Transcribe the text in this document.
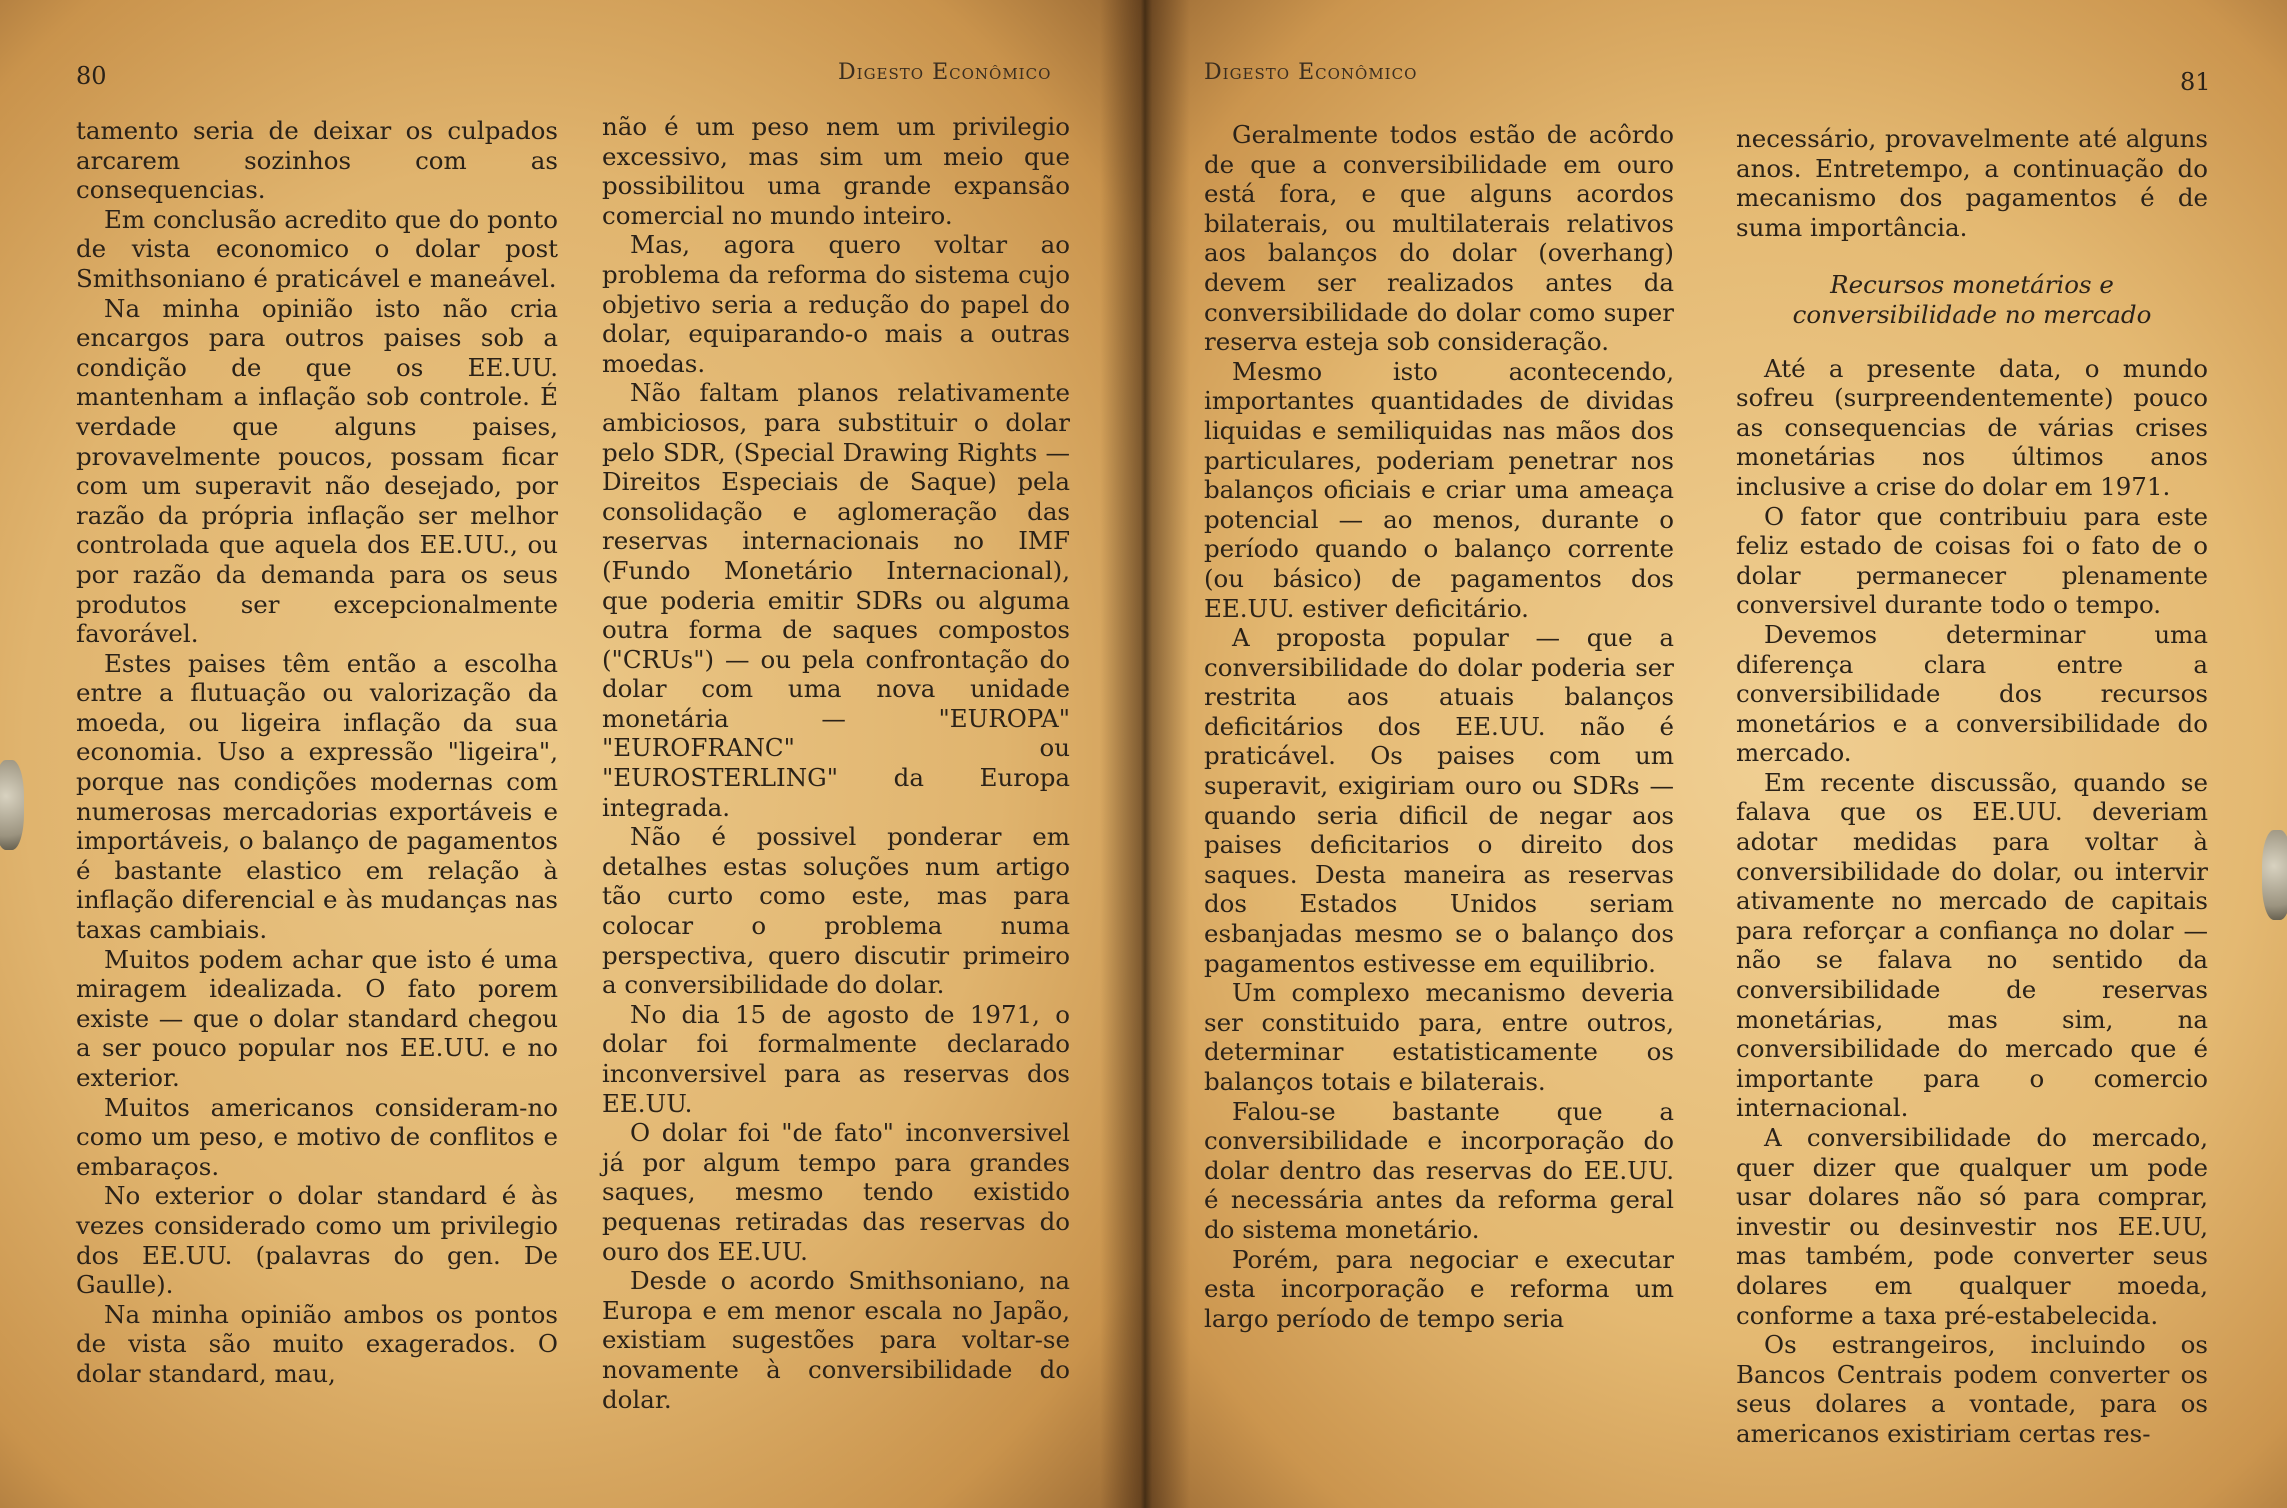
80	Digesto Econômico

tamento seria de deixar os culpados arcarem sozinhos com as consequencias.

Em conclusão acredito que do ponto de vista economico o dolar post Smithsoniano é praticável e maneável.

Na minha opinião isto não cria encargos para outros paises sob a condição de que os EE.UU. mantenham a inflação sob controle. É verdade que alguns paises, provavelmente poucos, possam ficar com um superavit não desejado, por razão da própria inflação ser melhor controlada que aquela dos EE.UU., ou por razão da demanda para os seus produtos ser excepcionalmente favorável.

Estes paises têm então a escolha entre a flutuação ou valorização da moeda, ou ligeira inflação da sua economia. Uso a expressão "ligeira", porque nas condições modernas com numerosas mercadorias exportáveis e importáveis, o balanço de pagamentos é bastante elastico em relação à inflação diferencial e às mudanças nas taxas cambiais.

Muitos podem achar que isto é uma miragem idealizada. O fato porem existe — que o dolar standard chegou a ser pouco popular nos EE.UU. e no exterior.

Muitos americanos consideram-no como um peso, e motivo de conflitos e embaraços.

No exterior o dolar standard é às vezes considerado como um privilegio dos EE.UU. (palavras do gen. De Gaulle).

Na minha opinião ambos os pontos de vista são muito exagerados. O dolar standard, mau,

não é um peso nem um privilegio excessivo, mas sim um meio que possibilitou uma grande expansão comercial no mundo inteiro.

Mas, agora quero voltar ao problema da reforma do sistema cujo objetivo seria a redução do papel do dolar, equiparando-o mais a outras moedas.

Não faltam planos relativamente ambiciosos, para substituir o dolar pelo SDR, (Special Drawing Rights — Direitos Especiais de Saque) pela consolidação e aglomeração das reservas internacionais no IMF (Fundo Monetário Internacional), que poderia emitir SDRs ou alguma outra forma de saques compostos ("CRUs") — ou pela confrontação do dolar com uma nova unidade monetária — "EUROPA" "EUROFRANC" ou "EUROSTERLING" da Europa integrada.

Não é possivel ponderar em detalhes estas soluções num artigo tão curto como este, mas para colocar o problema numa perspectiva, quero discutir primeiro a conversibilidade do dolar.

No dia 15 de agosto de 1971, o dolar foi formalmente declarado inconversivel para as reservas dos EE.UU.

O dolar foi "de fato" inconversivel já por algum tempo para grandes saques, mesmo tendo existido pequenas retiradas das reservas do ouro dos EE.UU.

Desde o acordo Smithsoniano, na Europa e em menor escala no Japão, existiam sugestões para voltar-se novamente à conversibilidade do dolar.

Digesto Econômico	81

Geralmente todos estão de acôrdo de que a conversibilidade em ouro está fora, e que alguns acordos bilaterais, ou multilaterais relativos aos balanços do dolar (overhang) devem ser realizados antes da conversibilidade do dolar como super reserva esteja sob consideração.

Mesmo isto acontecendo, importantes quantidades de dividas liquidas e semiliquidas nas mãos dos particulares, poderiam penetrar nos balanços oficiais e criar uma ameaça potencial — ao menos, durante o período quando o balanço corrente (ou básico) de pagamentos dos EE.UU. estiver deficitário.

A proposta popular — que a conversibilidade do dolar poderia ser restrita aos atuais balanços deficitários dos EE.UU. não é praticável. Os paises com um superavit, exigiriam ouro ou SDRs — quando seria dificil de negar aos paises deficitarios o direito dos saques. Desta maneira as reservas dos Estados Unidos seriam esbanjadas mesmo se o balanço dos pagamentos estivesse em equilibrio.

Um complexo mecanismo deveria ser constituido para, entre outros, determinar estatisticamente os balanços totais e bilaterais.

Falou-se bastante que a conversibilidade e incorporação do dolar dentro das reservas do EE.UU. é necessária antes da reforma geral do sistema monetário.

Porém, para negociar e executar esta incorporação e reforma um largo período de tempo seria

necessário, provavelmente até alguns anos. Entretempo, a continuação do mecanismo dos pagamentos é de suma importância.

Recursos monetários e
conversibilidade no mercado

Até a presente data, o mundo sofreu (surpreendentemente) pouco as consequencias de várias crises monetárias nos últimos anos inclusive a crise do dolar em 1971.

O fator que contribuiu para este feliz estado de coisas foi o fato de o dolar permanecer plenamente conversivel durante todo o tempo.

Devemos determinar uma diferença clara entre a conversibilidade dos recursos monetários e a conversibilidade do mercado.

Em recente discussão, quando se falava que os EE.UU. deveriam adotar medidas para voltar à conversibilidade do dolar, ou intervir ativamente no mercado de capitais para reforçar a confiança no dolar — não se falava no sentido da conversibilidade de reservas monetárias, mas sim, na conversibilidade do mercado que é importante para o comercio internacional.

A conversibilidade do mercado, quer dizer que qualquer um pode usar dolares não só para comprar, investir ou desinvestir nos EE.UU, mas também, pode converter seus dolares em qualquer moeda, conforme a taxa pré-estabelecida.

Os estrangeiros, incluindo os Bancos Centrais podem converter os seus dolares a vontade, para os americanos existiriam certas res-
